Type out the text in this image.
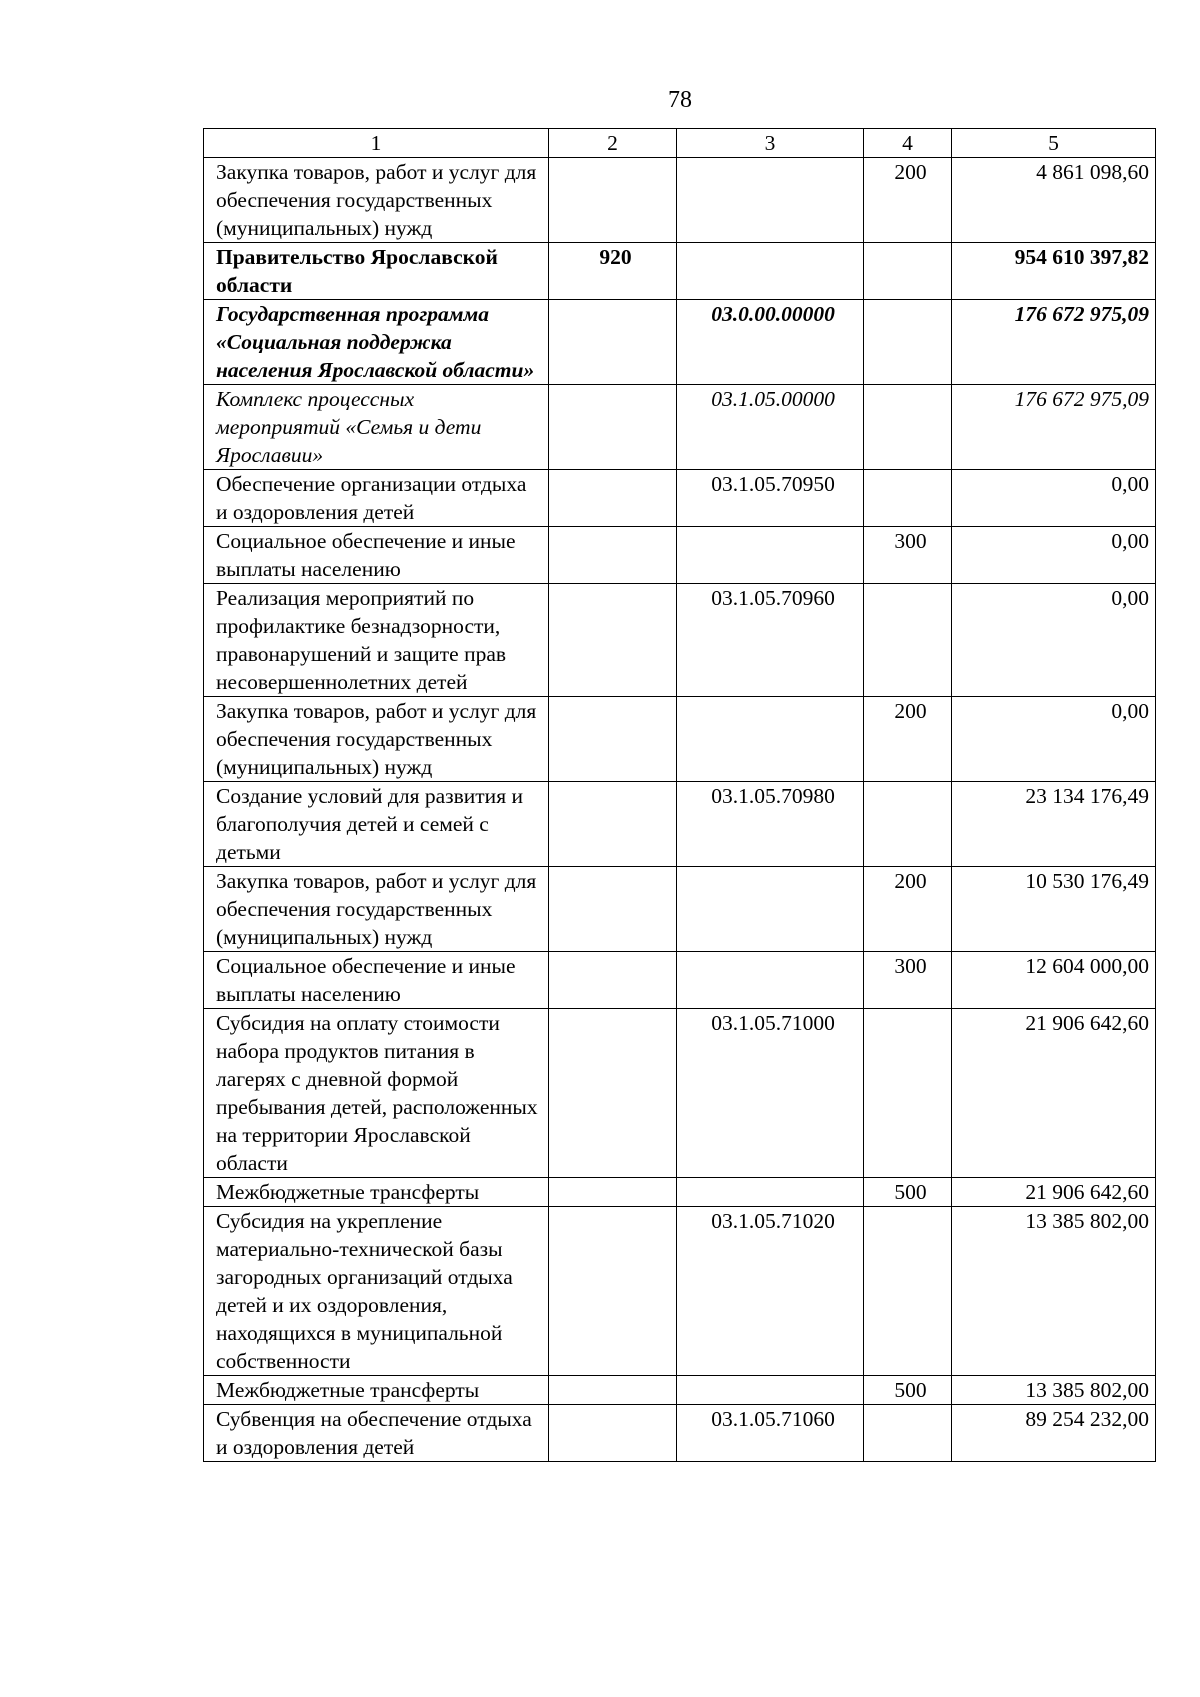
78
1	2	3	4	5
Закупка товаров, работ и услуг для обеспечения государственных (муниципальных) нужд			200	4 861 098,60
Правительство Ярославской области	920			954 610 397,82
Государственная программа «Социальная поддержка населения Ярославской области»		03.0.00.00000		176 672 975,09
Комплекс процессных мероприятий «Семья и дети Ярославии»		03.1.05.00000		176 672 975,09
Обеспечение организации отдыха и оздоровления детей		03.1.05.70950		0,00
Социальное обеспечение и иные выплаты населению			300	0,00
Реализация мероприятий по профилактике безнадзорности, правонарушений и защите прав несовершеннолетних детей		03.1.05.70960		0,00
Закупка товаров, работ и услуг для обеспечения государственных (муниципальных) нужд			200	0,00
Создание условий для развития и благополучия детей и семей с детьми		03.1.05.70980		23 134 176,49
Закупка товаров, работ и услуг для обеспечения государственных (муниципальных) нужд			200	10 530 176,49
Социальное обеспечение и иные выплаты населению			300	12 604 000,00
Субсидия на оплату стоимости набора продуктов питания в лагерях с дневной формой пребывания детей, расположенных на территории Ярославской области		03.1.05.71000		21 906 642,60
Межбюджетные трансферты			500	21 906 642,60
Субсидия на укрепление материально-технической базы загородных организаций отдыха детей и их оздоровления, находящихся в муниципальной собственности		03.1.05.71020		13 385 802,00
Межбюджетные трансферты			500	13 385 802,00
Субвенция на обеспечение отдыха и оздоровления детей		03.1.05.71060		89 254 232,00
